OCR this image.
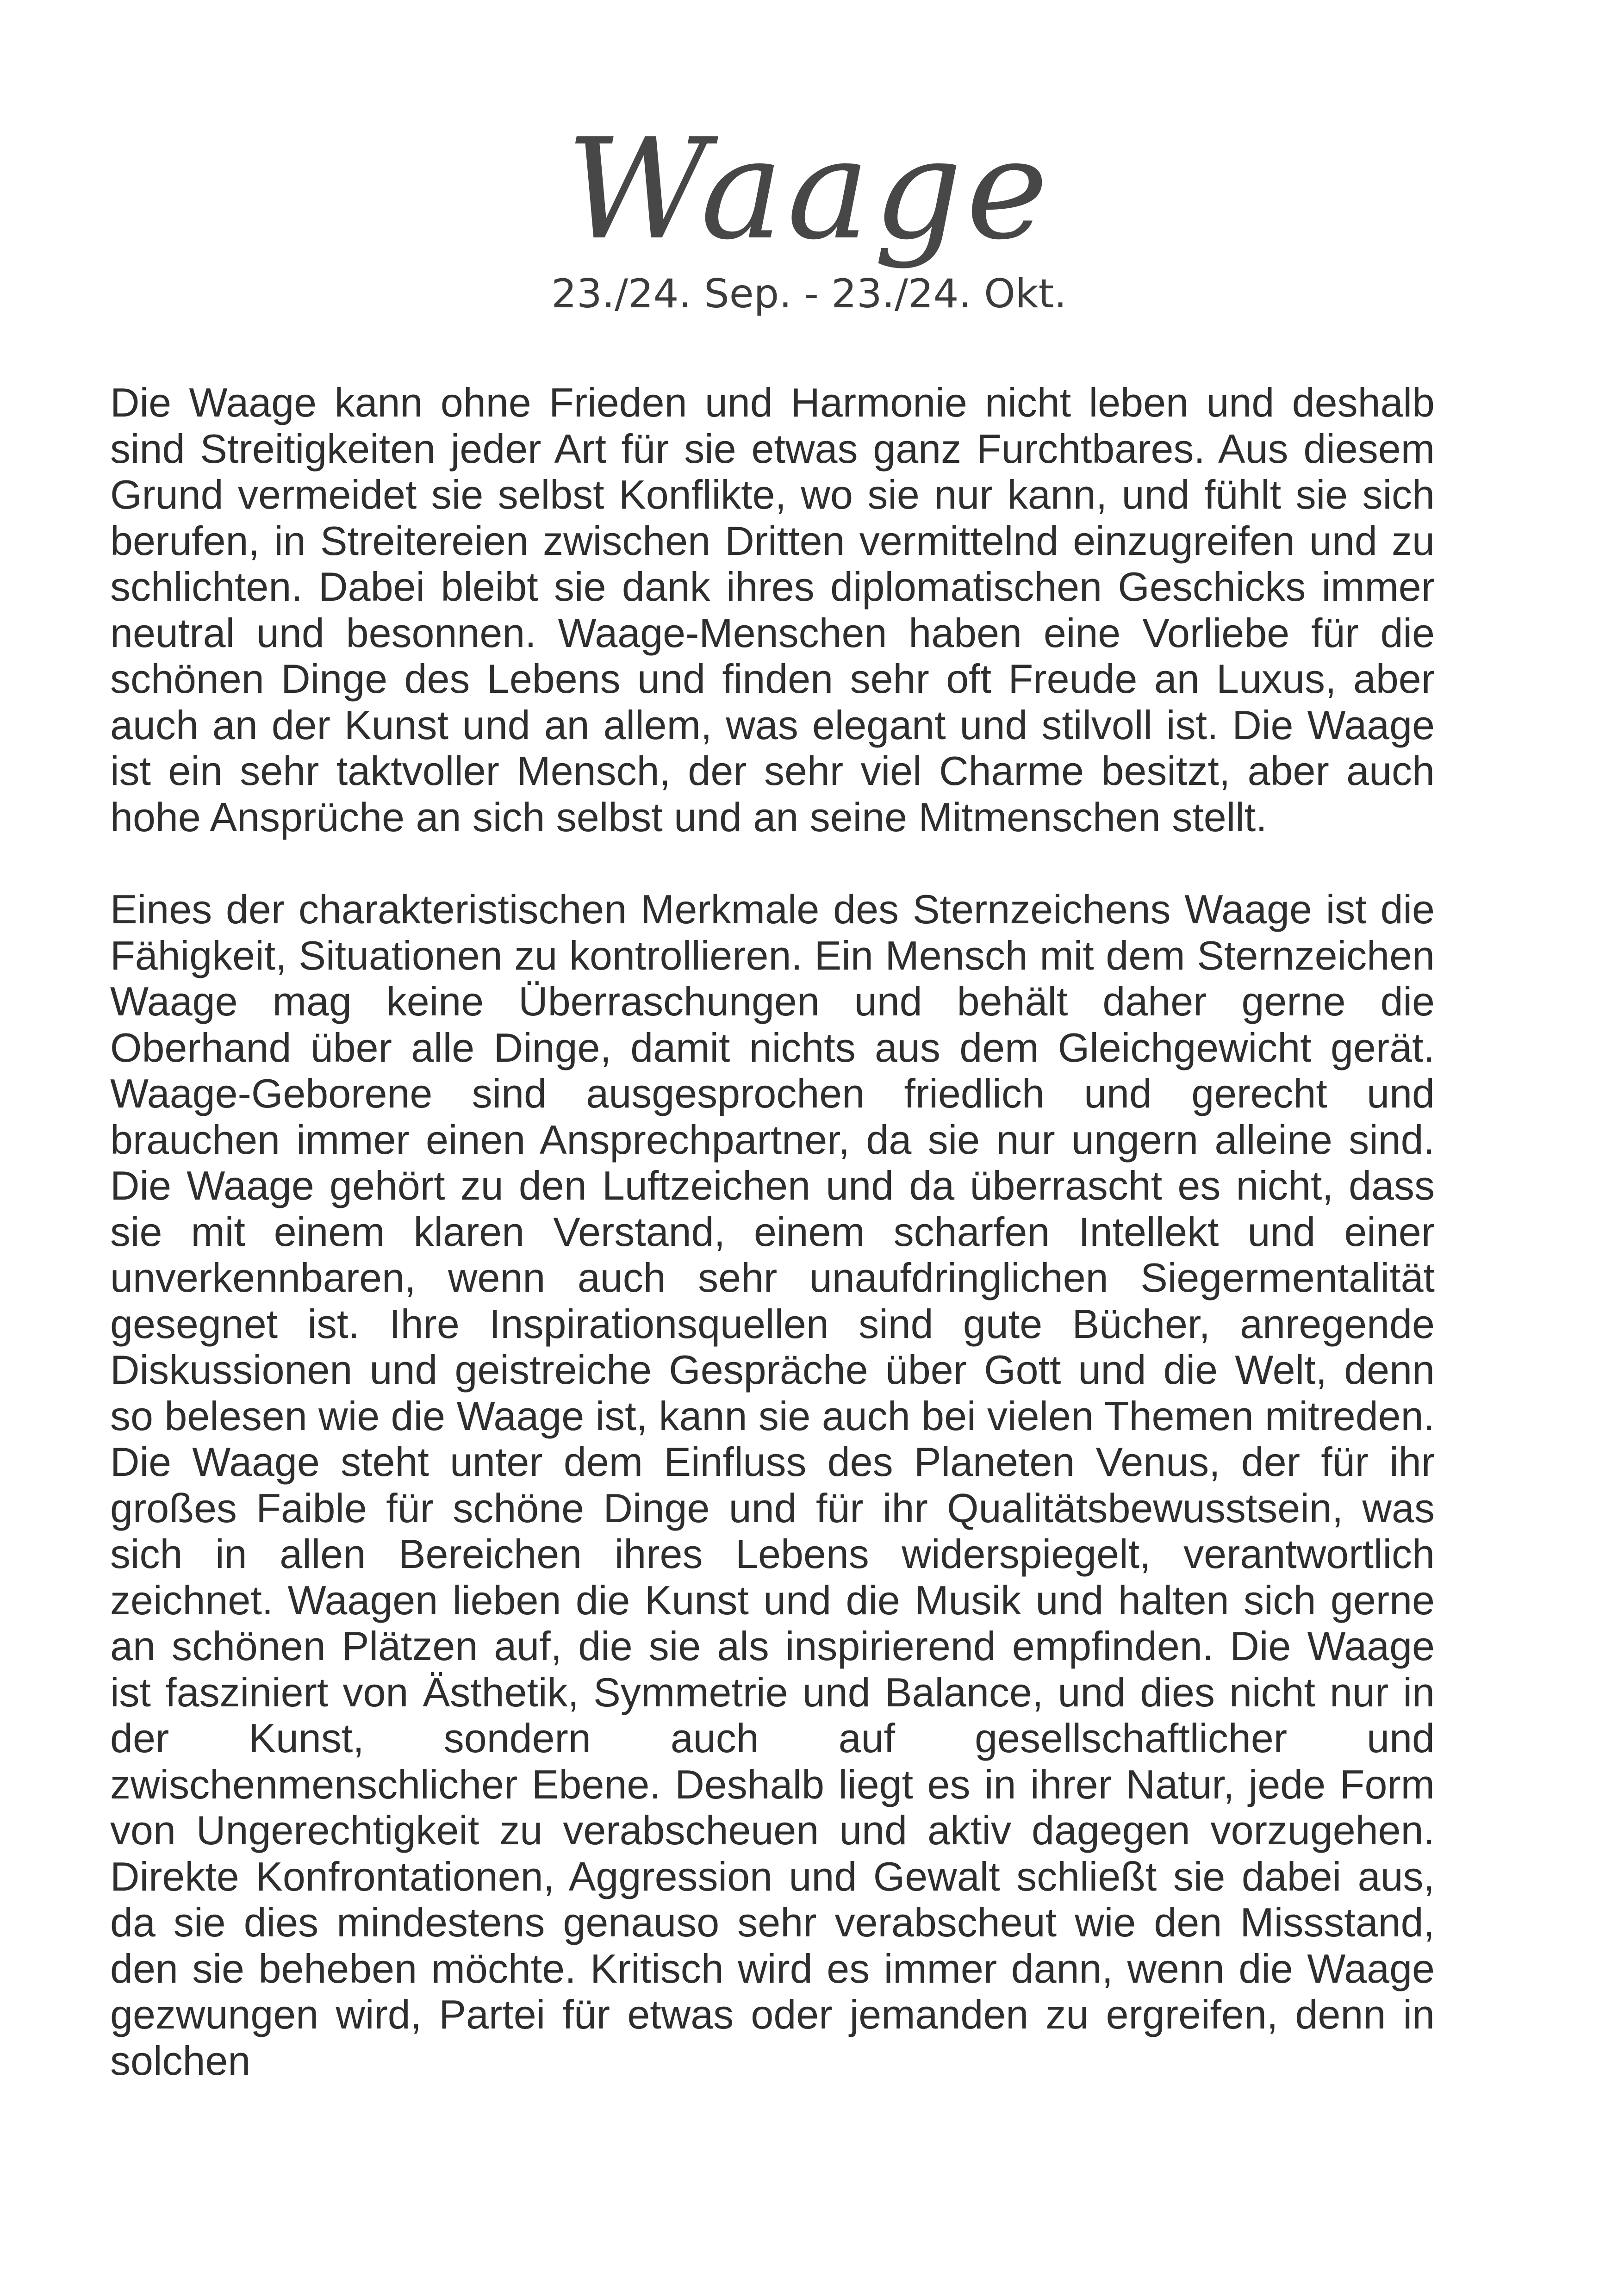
Waage
23./24. Sep. - 23./24. Okt.

Die Waage kann ohne Frieden und Harmonie nicht leben und deshalb sind Streitigkeiten jeder Art für sie etwas ganz Furchtbares. Aus diesem Grund vermeidet sie selbst Konflikte, wo sie nur kann, und fühlt sie sich berufen, in Streitereien zwischen Dritten vermittelnd einzugreifen und zu schlichten. Dabei bleibt sie dank ihres diplomatischen Geschicks immer neutral und besonnen. Waage-Menschen haben eine Vorliebe für die schönen Dinge des Lebens und finden sehr oft Freude an Luxus, aber auch an der Kunst und an allem, was elegant und stilvoll ist. Die Waage ist ein sehr taktvoller Mensch, der sehr viel Charme besitzt, aber auch hohe Ansprüche an sich selbst und an seine Mitmenschen stellt.

Eines der charakteristischen Merkmale des Sternzeichens Waage ist die Fähigkeit, Situationen zu kontrollieren. Ein Mensch mit dem Sternzeichen Waage mag keine Überraschungen und behält daher gerne die Oberhand über alle Dinge, damit nichts aus dem Gleichgewicht gerät. Waage-Geborene sind ausgesprochen friedlich und gerecht und brauchen immer einen Ansprechpartner, da sie nur ungern alleine sind. Die Waage gehört zu den Luftzeichen und da überrascht es nicht, dass sie mit einem klaren Verstand, einem scharfen Intellekt und einer unverkennbaren, wenn auch sehr unaufdringlichen Siegermentalität gesegnet ist. Ihre Inspirationsquellen sind gute Bücher, anregende Diskussionen und geistreiche Gespräche über Gott und die Welt, denn so belesen wie die Waage ist, kann sie auch bei vielen Themen mitreden. Die Waage steht unter dem Einfluss des Planeten Venus, der für ihr großes Faible für schöne Dinge und für ihr Qualitätsbewusstsein, was sich in allen Bereichen ihres Lebens widerspiegelt, verantwortlich zeichnet. Waagen lieben die Kunst und die Musik und halten sich gerne an schönen Plätzen auf, die sie als inspirierend empfinden. Die Waage ist fasziniert von Ästhetik, Symmetrie und Balance, und dies nicht nur in der Kunst, sondern auch auf gesellschaftlicher und zwischenmenschlicher Ebene. Deshalb liegt es in ihrer Natur, jede Form von Ungerechtigkeit zu verabscheuen und aktiv dagegen vorzugehen. Direkte Konfrontationen, Aggression und Gewalt schließt sie dabei aus, da sie dies mindestens genauso sehr verabscheut wie den Missstand, den sie beheben möchte. Kritisch wird es immer dann, wenn die Waage gezwungen wird, Partei für etwas oder jemanden zu ergreifen, denn in solchen
